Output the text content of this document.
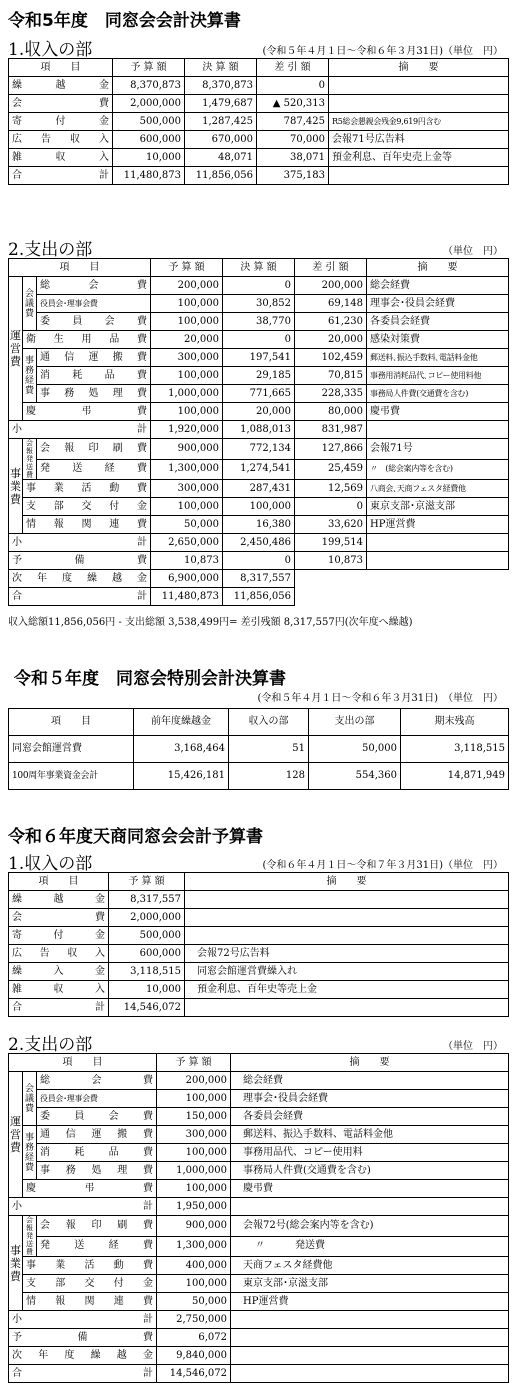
令和5年度　同窓会会計決算書
1.収入の部	(令和５年４月１日～令和６年３月31日)（単位　円）
項　　目	予 算 額	決 算 額	差 引 額	摘　　要
繰越金	8,370,873	8,370,873	0	
会費	2,000,000	1,479,687	▲ 520,313	
寄付金	500,000	1,287,425	787,425	R5総会懇親会残金9,619円含む
広告収入	600,000	670,000	70,000	会報71号広告料
雑収入	10,000	48,071	38,071	預金利息、百年史売上金等
合計	11,480,873	11,856,056	375,183	
2.支出の部	（単位　円）
項　　目			予 算 額	決 算 額	差 引 額	摘　　要
運営費	会議費	総会費	200,000	0	200,000	総会経費
		役員会･理事会費	100,000	30,852	69,148	理事会･役員会経費
		委員会費	100,000	38,770	61,230	各委員会経費
	衛生用品費		20,000	0	20,000	感染対策費
	事務経費	通信運搬費	300,000	197,541	102,459	郵送料､振込手数料､電話料金他
		消耗品費	100,000	29,185	70,815	事務用消耗品代､コピー使用料他
		事務処理費	1,000,000	771,665	228,335	事務局人件費(交通費を含む)
	慶弔費		100,000	20,000	80,000	慶弔費
小計			1,920,000	1,088,013	831,987	
事業費	会報発送費	会報印刷費	900,000	772,134	127,866	会報71号
		発送経費	1,300,000	1,274,541	25,459	〃　(総会案内等を含む)
	事業活動費		300,000	287,431	12,569	八商会､天商フェスタ経費他
	支部交付金		100,000	100,000	0	東京支部･京滋支部
	情報関連費		50,000	16,380	33,620	HP運営費
小計			2,650,000	2,450,486	199,514	
予備費			10,873	0	10,873	
次年度繰越金			6,900,000	8,317,557		
合計			11,480,873	11,856,056		
収入総額11,856,056円 - 支出総額 3,538,499円= 差引残額 8,317,557円(次年度へ繰越)
令和５年度　同窓会特別会計決算書
(令和５年４月１日～令和６年３月31日)　（単位　円）
項　　目	前年度繰越金	収入の部	支出の部	期末残高
同窓会館運営費	3,168,464	51	50,000	3,118,515
100周年事業資金会計	15,426,181	128	554,360	14,871,949
令和６年度天商同窓会会計予算書
1.収入の部	(令和６年４月１日～令和７年３月31日)（単位　円）
項　　目	予 算 額	摘　　要
繰越金	8,317,557	
会費	2,000,000	
寄付金	500,000	
広告収入	600,000	会報72号広告料
繰入金	3,118,515	同窓会館運営費繰入れ
雑収入	10,000	預金利息、百年史等売上金
合計	14,546,072	
2.支出の部	（単位　円）
項　　目			予 算 額	摘　　要
運営費	会議費	総会費	200,000	総会経費
		役員会･理事会費	100,000	理事会･役員会経費
		委員会費	150,000	各委員会経費
	事務経費	通信運搬費	300,000	郵送料、振込手数料、電話料金他
		消耗品費	100,000	事務用品代、コピー使用料
		事務処理費	1,000,000	事務局人件費(交通費を含む)
	慶弔費		100,000	慶弔費
小計			1,950,000	
事業費	会報発送費	会報印刷費	900,000	会報72号(総会案内等を含む)
		発送経費	1,300,000	〃　　　発送費
	事業活動費		400,000	天商フェスタ経費他
	支部交付金		100,000	東京支部･京滋支部
	情報関連費		50,000	HP運営費
小計			2,750,000	
予備費			6,072	
次年度繰越金			9,840,000	
合計			14,546,072	
